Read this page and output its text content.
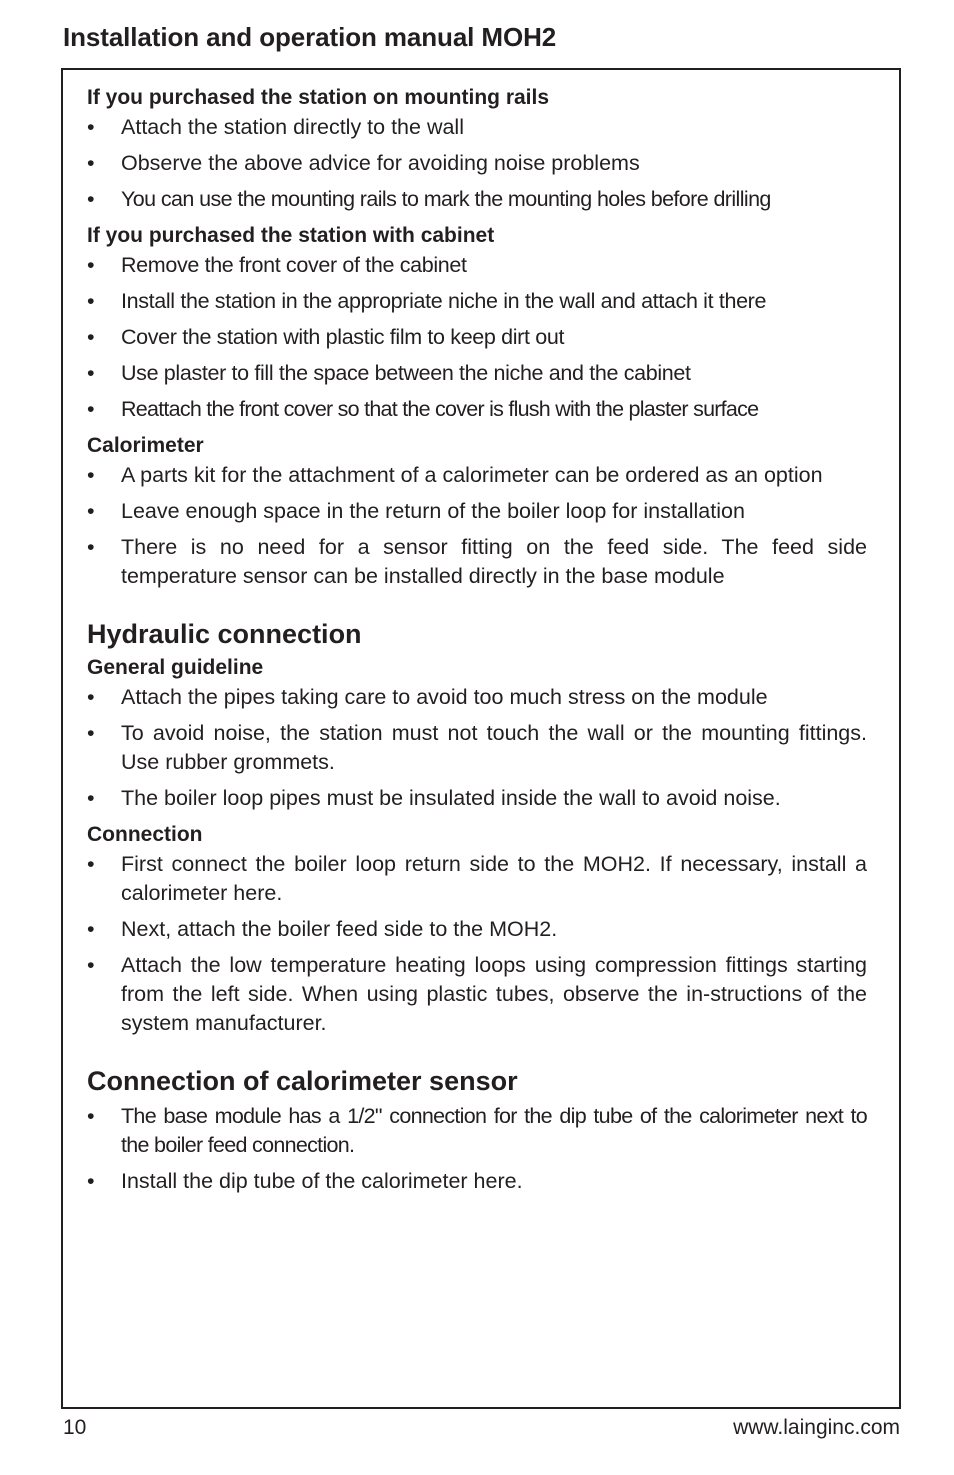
Installation and operation manual MOH2
If you purchased the station on mounting rails
• Attach the station directly to the wall
• Observe the above advice for avoiding noise problems
• You can use the mounting rails to mark the mounting holes before drilling
If you purchased the station with cabinet
• Remove the front cover of the cabinet
• Install the station in the appropriate niche in the wall and attach it there
• Cover the station with plastic film to keep dirt out
• Use plaster to fill the space between the niche and the cabinet
• Reattach the front cover so that the cover is flush with the plaster surface
Calorimeter
• A parts kit for the attachment of a calorimeter can be ordered as an option
• Leave enough space in the return of the boiler loop for installation
• There is no need for a sensor fitting on the feed side. The feed side temperature sensor can be installed directly in the base module
Hydraulic connection
General guideline
• Attach the pipes taking care to avoid too much stress on the module
• To avoid noise, the station must not touch the wall or the mounting fittings. Use rubber grommets.
• The boiler loop pipes must be insulated inside the wall to avoid noise.
Connection
• First connect the boiler loop return side to the MOH2. If necessary, install a calorimeter here.
• Next, attach the boiler feed side to the MOH2.
• Attach the low temperature heating loops using compression fittings starting from the left side. When using plastic tubes, observe the in-structions of the system manufacturer.
Connection of calorimeter sensor
• The base module has a 1/2" connection for the dip tube of the calorimeter next to the boiler feed connection.
• Install the dip tube of the calorimeter here.
10	www.lainginc.com
